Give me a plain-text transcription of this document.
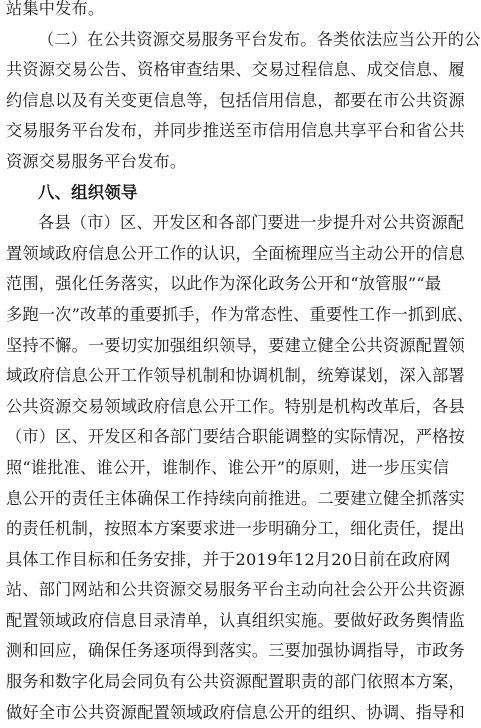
站集中发布。
（ 二 ） 在 公 共 资 源 交 易 服 务 平 台 发 布 。 各 类 依 法 应 当 公 开 的 公
共 资 源 交 易 公 告 、 资 格 审 查 结 果 、 交 易 过 程 信 息 、 成 交 信 息 、 履
约 信 息 以 及 有 关 变 更 信 息 等 ， 包 括 信 用 信 息 ， 都 要 在 市 公 共 资 源
交 易 服 务 平 台 发 布 ， 并 同 步 推 送 至 市 信 用 信 息 共 享 平 台 和 省 公 共
资源交易服务平台发布。
八、组织领导
各 县 （ 市 ） 区 、 开 发 区 和 各 部 门 要 进 一 步 提 升 对 公 共 资 源 配
置 领 域 政 府 信 息 公 开 工 作 的 认 识 ， 全 面 梳 理 应 当 主 动 公 开 的 信 息
范 围 ， 强 化 任 务 落 实 ， 以 此 作 为 深 化 政 务 公 开 和 “ 放 管 服 ” “ 最
多 跑 一 次 ” 改 革 的 重 要 抓 手 ， 作 为 常 态 性 、 重 要 性 工 作 一 抓 到 底 、
坚 持 不 懈 。 一 要 切 实 加 强 组 织 领 导 ， 要 建 立 健 全 公 共 资 源 配 置 领
域 政 府 信 息 公 开 工 作 领 导 机 制 和 协 调 机 制 ， 统 筹 谋 划 ， 深 入 部 署
公 共 资 源 交 易 领 域 政 府 信 息 公 开 工 作 。 特 别 是 机 构 改 革 后 ， 各 县
（ 市 ） 区 、 开 发 区 和 各 部 门 要 结 合 职 能 调 整 的 实 际 情 况 ， 严 格 按
照 “ 谁 批 准 、 谁 公 开 ， 谁 制 作 、 谁 公 开 ” 的 原 则 ， 进 一 步 压 实 信
息 公 开 的 责 任 主 体 确 保 工 作 持 续 向 前 推 进 。 二 要 建 立 健 全 抓 落 实
的 责 任 机 制 ， 按 照 本 方 案 要 求 进 一 步 明 确 分 工 ， 细 化 责 任 ， 提 出
具 体 工 作 目 标 和 任 务 安 排 ， 并 于 2019 年 12 月 20 日 前 在 政 府 网
站 、 部 门 网 站 和 公 共 资 源 交 易 服 务 平 台 主 动 向 社 会 公 开 公 共 资 源
配 置 领 域 政 府 信 息 目 录 清 单 ， 认 真 组 织 实 施 。 要 做 好 政 务 舆 情 监
测 和 回 应 ， 确 保 任 务 逐 项 得 到 落 实 。 三 要 加 强 协 调 指 导 ， 市 政 务
服 务 和 数 字 化 局 会 同 负 有 公 共 资 源 配 置 职 责 的 部 门 依 照 本 方 案 ，
做 好 全 市 公 共 资 源 配 置 领 域 政 府 信 息 公 开 的 组 织 、 协 调 、 指 导 和
